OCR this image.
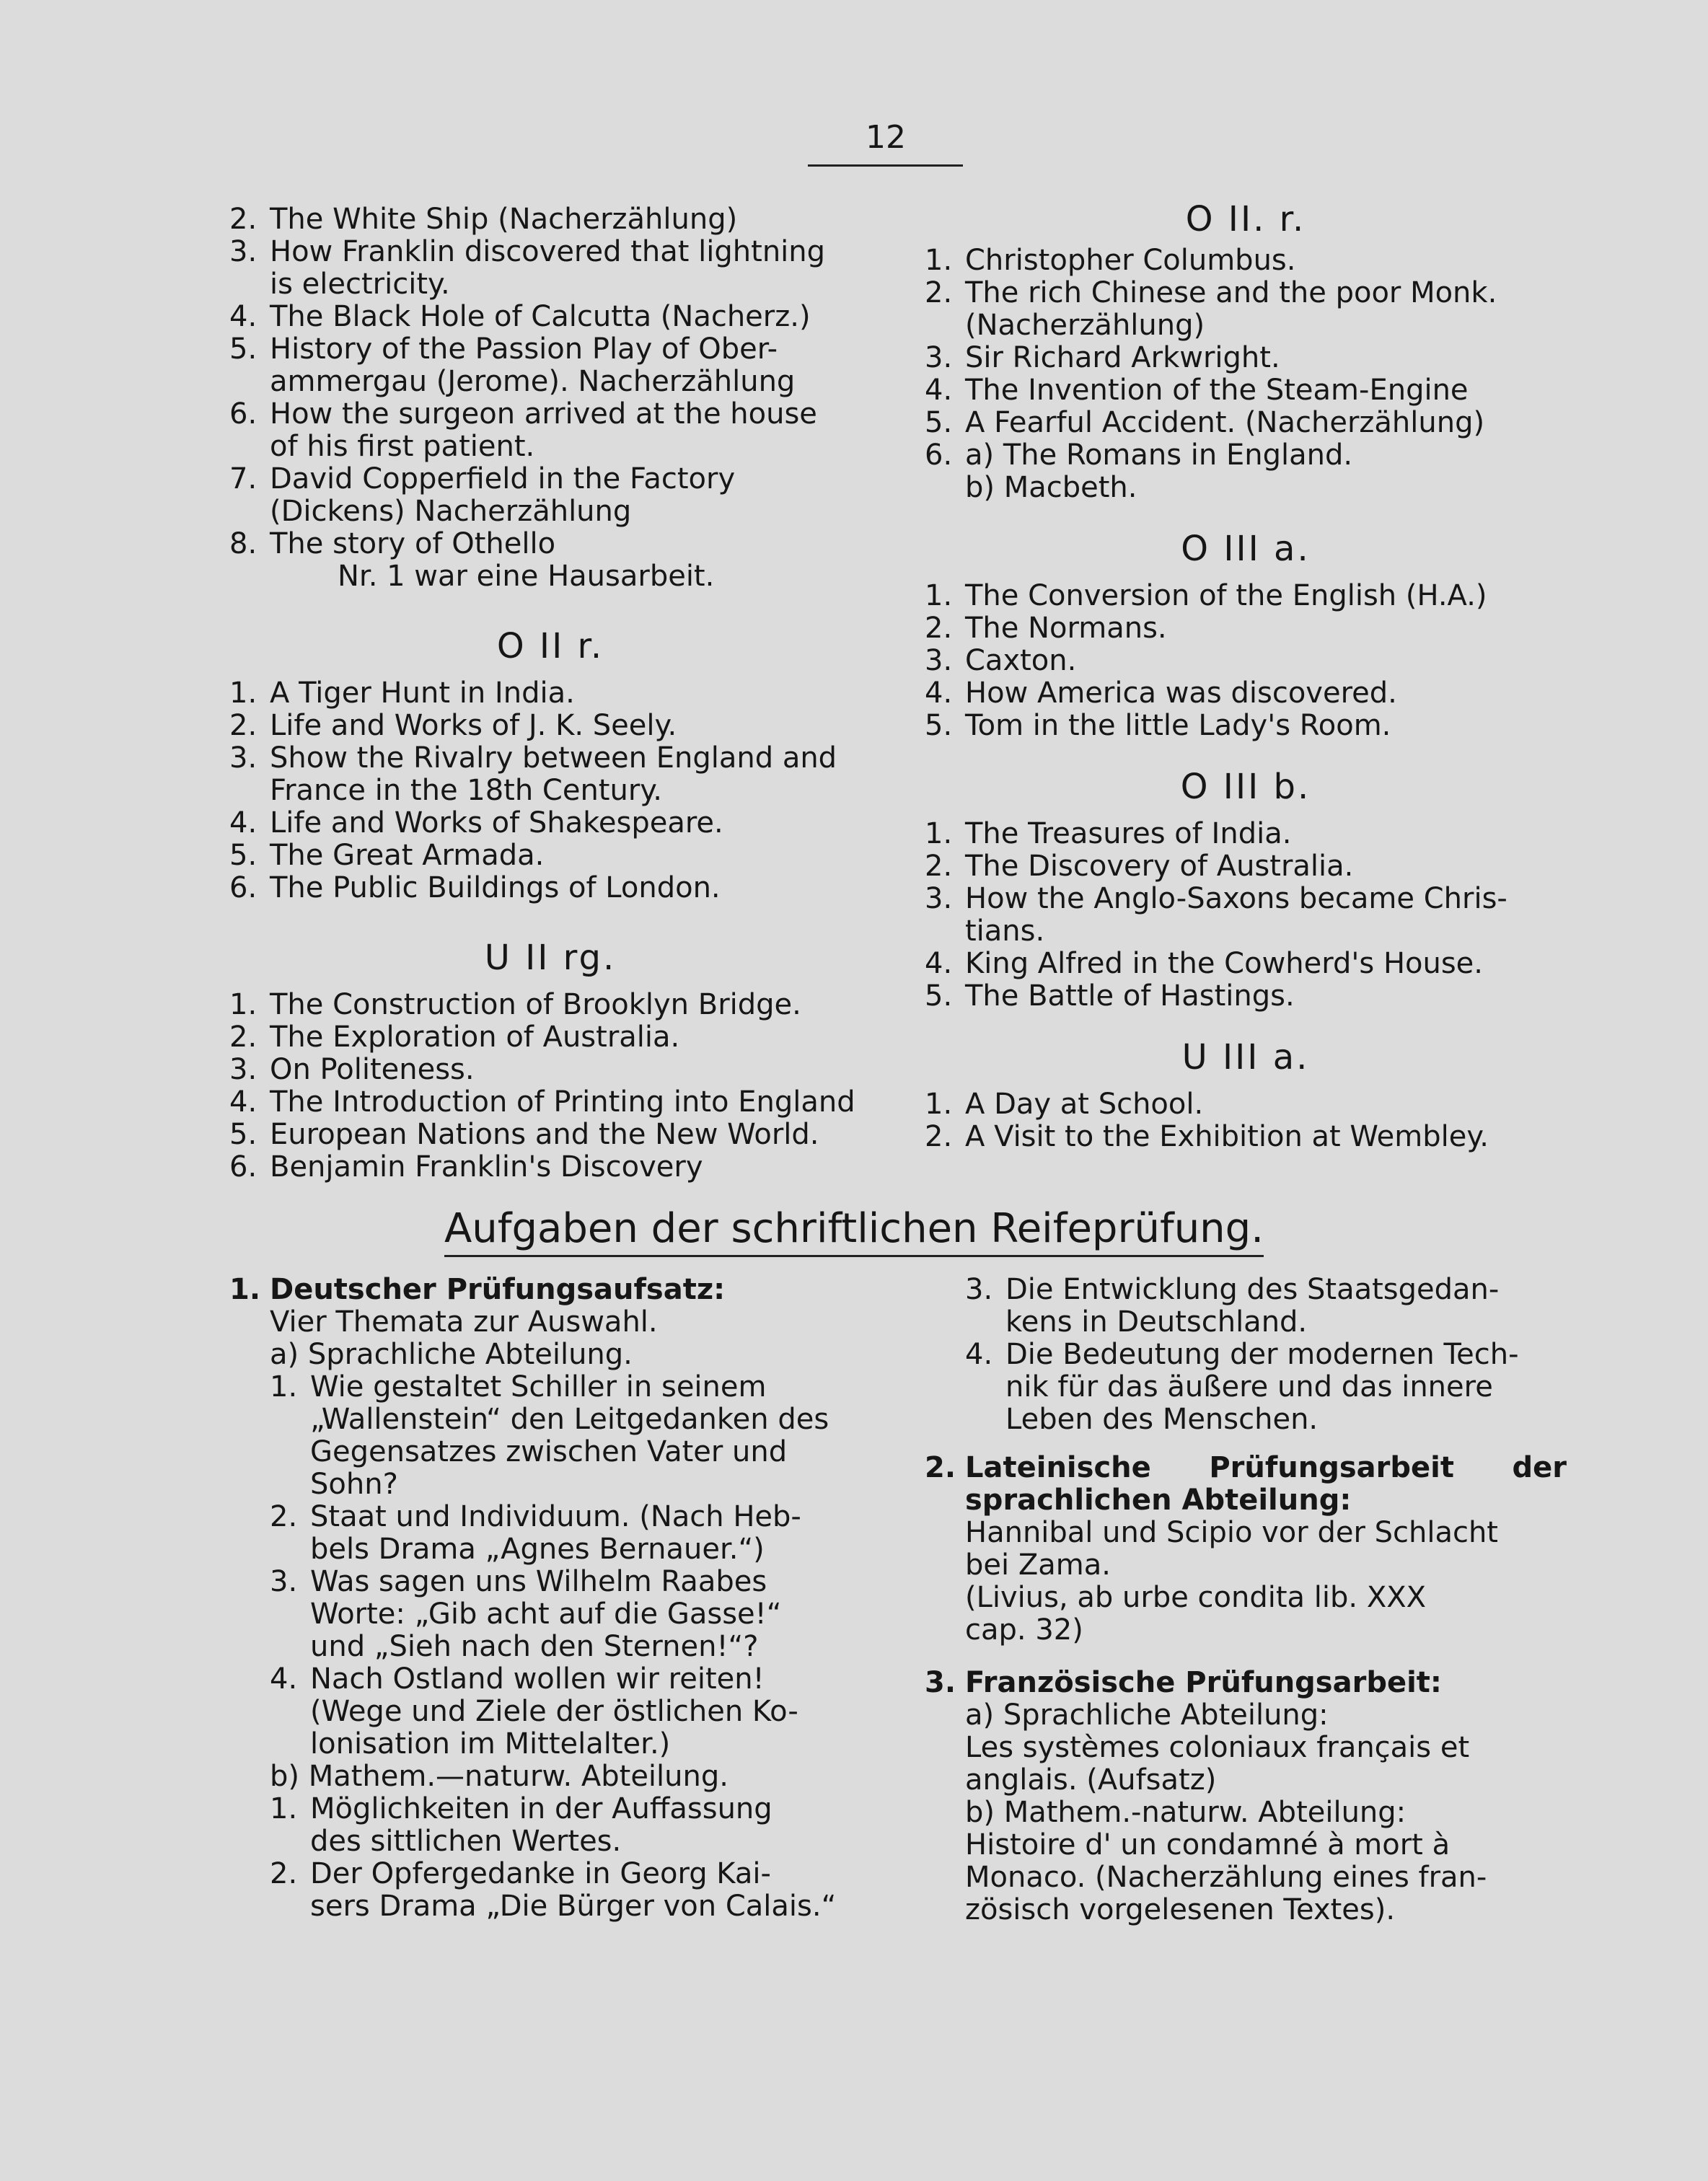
12
2. The White Ship (Nacherzählung)
3. How Franklin discovered that lightning
is electricity.
4. The Black Hole of Calcutta (Nacherz.)
5. History of the Passion Play of Ober-
ammergau (Jerome). Nacherzählung
6. How the surgeon arrived at the house
of his first patient.
7. David Copperfield in the Factory
(Dickens) Nacherzählung
8. The story of Othello
Nr. 1 war eine Hausarbeit.
O II r.
1. A Tiger Hunt in India.
2. Life and Works of J. K. Seely.
3. Show the Rivalry between England and
France in the 18th Century.
4. Life and Works of Shakespeare.
5. The Great Armada.
6. The Public Buildings of London.
U II rg.
1. The Construction of Brooklyn Bridge.
2. The Exploration of Australia.
3. On Politeness.
4. The Introduction of Printing into England
5. European Nations and the New World.
6. Benjamin Franklin's Discovery
O II. r.
1. Christopher Columbus.
2. The rich Chinese and the poor Monk.
(Nacherzählung)
3. Sir Richard Arkwright.
4. The Invention of the Steam-Engine
5. A Fearful Accident. (Nacherzählung)
6. a) The Romans in England.
b) Macbeth.
O III a.
1. The Conversion of the English (H.A.)
2. The Normans.
3. Caxton.
4. How America was discovered.
5. Tom in the little Lady's Room.
O III b.
1. The Treasures of India.
2. The Discovery of Australia.
3. How the Anglo-Saxons became Chris-
tians.
4. King Alfred in the Cowherd's House.
5. The Battle of Hastings.
U III a.
1. A Day at School.
2. A Visit to the Exhibition at Wembley.
Aufgaben der schriftlichen Reifeprüfung.
1. Deutscher Prüfungsaufsatz:
Vier Themata zur Auswahl.
a) Sprachliche Abteilung.
1. Wie gestaltet Schiller in seinem
„Wallenstein“ den Leitgedanken des
Gegensatzes zwischen Vater und
Sohn?
2. Staat und Individuum. (Nach Heb-
bels Drama „Agnes Bernauer.“)
3. Was sagen uns Wilhelm Raabes
Worte: „Gib acht auf die Gasse!“
und „Sieh nach den Sternen!“?
4. Nach Ostland wollen wir reiten!
(Wege und Ziele der östlichen Ko-
lonisation im Mittelalter.)
b) Mathem.—naturw. Abteilung.
1. Möglichkeiten in der Auffassung
des sittlichen Wertes.
2. Der Opfergedanke in Georg Kai-
sers Drama „Die Bürger von Calais.“
3. Die Entwicklung des Staatsgedan-
kens in Deutschland.
4. Die Bedeutung der modernen Tech-
nik für das äußere und das innere
Leben des Menschen.
2. Lateinische Prüfungsarbeit der
sprachlichen Abteilung:
Hannibal und Scipio vor der Schlacht
bei Zama.
(Livius, ab urbe condita lib. XXX
cap. 32)
3. Französische Prüfungsarbeit:
a) Sprachliche Abteilung:
Les systèmes coloniaux français et
anglais. (Aufsatz)
b) Mathem.-naturw. Abteilung:
Histoire d' un condamné à mort à
Monaco. (Nacherzählung eines fran-
zösisch vorgelesenen Textes).
